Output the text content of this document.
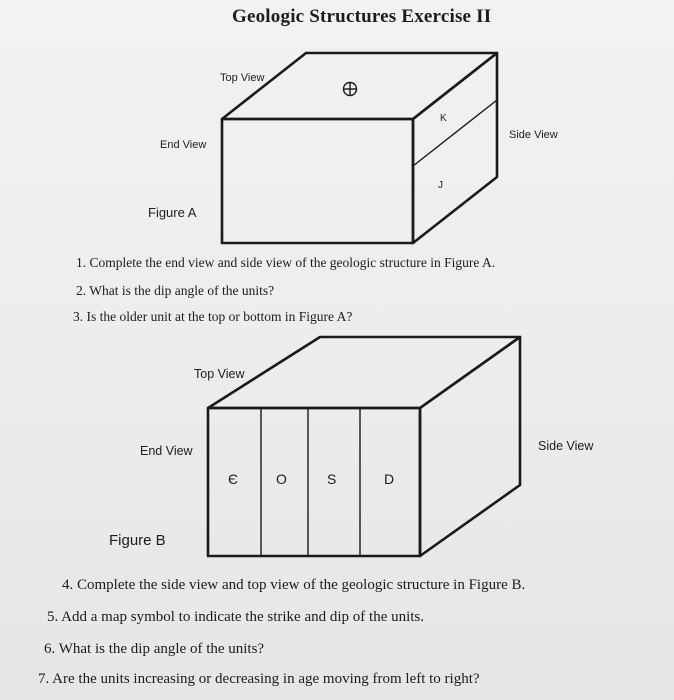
Geologic Structures Exercise II
Top View
End View
Side View
K
J
Figure A
1. Complete the end view and side view of the geologic structure in Figure A.
2. What is the dip angle of the units?
3. Is the older unit at the top or bottom in Figure A?
Top View
End View	Side View
Є	O	S	D
Figure B
4. Complete the side view and top view of the geologic structure in Figure B.
5. Add a map symbol to indicate the strike and dip of the units.
6. What is the dip angle of the units?
7. Are the units increasing or decreasing in age moving from left to right?
